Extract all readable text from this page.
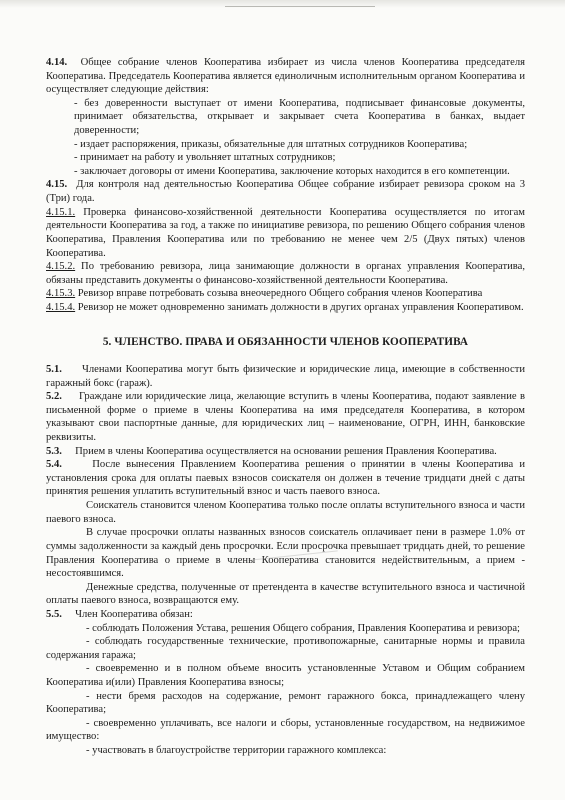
4.14. Общее собрание членов Кооператива избирает из числа членов Кооператива председателя Кооператива. Председатель Кооператива является единоличным исполнительным органом Кооператива и осуществляет следующие действия:

- без доверенности выступает от имени Кооператива, подписывает финансовые документы, принимает обязательства, открывает и закрывает счета Кооператива в банках, выдает доверенности;

- издает распоряжения, приказы, обязательные для штатных сотрудников Кооператива;

- принимает на работу и увольняет штатных сотрудников;

- заключает договоры от имени Кооператива, заключение которых находится в его компетенции.

4.15. Для контроля над деятельностью Кооператива Общее собрание избирает ревизора сроком на 3 (Три) года.

4.15.1. Проверка финансово-хозяйственной деятельности Кооператива осуществляется по итогам деятельности Кооператива за год, а также по инициативе ревизора, по решению Общего собрания членов Кооператива, Правления Кооператива или по требованию не менее чем 2/5 (Двух пятых) членов Кооператива.

4.15.2. По требованию ревизора, лица занимающие должности в органах управления Кооператива, обязаны представить документы о финансово-хозяйственной деятельности Кооператива.

4.15.3. Ревизор вправе потребовать созыва внеочередного Общего собрания членов Кооператива

4.15.4. Ревизор не может одновременно занимать должности в других органах управления Кооперативом.

5. ЧЛЕНСТВО. ПРАВА И ОБЯЗАННОСТИ ЧЛЕНОВ КООПЕРАТИВА

5.1. Членами Кооператива могут быть физические и юридические лица, имеющие в собственности гаражный бокс (гараж).

5.2. Граждане или юридические лица, желающие вступить в члены Кооператива, подают заявление в письменной форме о приеме в члены Кооператива на имя председателя Кооператива, в котором указывают свои паспортные данные, для юридических лиц – наименование, ОГРН, ИНН, банковские реквизиты.

5.3. Прием в члены Кооператива осуществляется на основании решения Правления Кооператива.

5.4.	После вынесения Правлением Кооператива решения о принятии в члены Кооператива и установления срока для оплаты паевых взносов соискателя он должен в течение тридцати дней с даты принятия решения уплатить вступительный взнос и часть паевого взноса.

Соискатель становится членом Кооператива только после оплаты вступительного взноса и части паевого взноса.

В случае просрочки оплаты названных взносов соискатель оплачивает пени в размере 1.0% от суммы задолженности за каждый день просрочки. Если просрочка превышает тридцать дней, то решение Правления Кооператива о приеме в члены Кооператива становится недействительным, а прием - несостоявшимся.

Денежные средства, полученные от претендента в качестве вступительного взноса и частичной оплаты паевого взноса, возвращаются ему.

5.5. Член Кооператива обязан:

- соблюдать Положения Устава, решения Общего собрания, Правления Кооператива и ревизора;

- соблюдать государственные технические, противопожарные, санитарные нормы и правила содержания гаража;

- своевременно и в полном объеме вносить установленные Уставом и Общим собранием Кооператива и(или) Правления Кооператива взносы;

- нести бремя расходов на содержание, ремонт гаражного бокса, принадлежащего члену Кооператива;

- своевременно уплачивать, все налоги и сборы, установленные государством, на недвижимое имущество:

- участвовать в благоустройстве территории гаражного комплекса:
